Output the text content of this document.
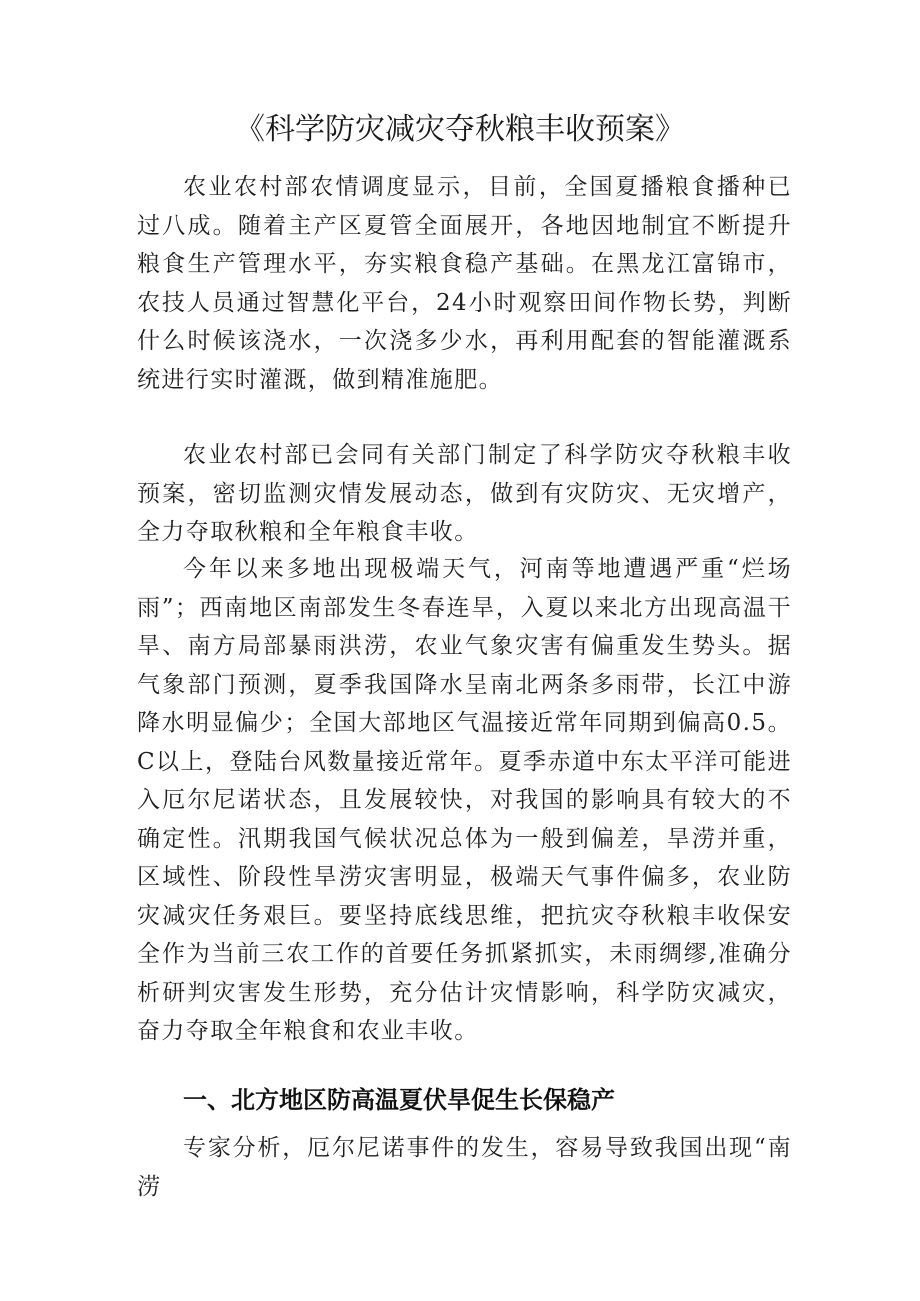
《科学防灾减灾夺秋粮丰收预案》

农业农村部农情调度显示，目前，全国夏播粮食播种已过八成。随着主产区夏管全面展开，各地因地制宜不断提升粮食生产管理水平，夯实粮食稳产基础。在黑龙江富锦市，农技人员通过智慧化平台，24小时观察田间作物长势，判断什么时候该浇水，一次浇多少水，再利用配套的智能灌溉系统进行实时灌溉，做到精准施肥。

农业农村部已会同有关部门制定了科学防灾夺秋粮丰收预案，密切监测灾情发展动态，做到有灾防灾、无灾增产，全力夺取秋粮和全年粮食丰收。

今年以来多地出现极端天气，河南等地遭遇严重“烂场雨”；西南地区南部发生冬春连旱，入夏以来北方出现高温干旱、南方局部暴雨洪涝，农业气象灾害有偏重发生势头。据气象部门预测，夏季我国降水呈南北两条多雨带，长江中游降水明显偏少；全国大部地区气温接近常年同期到偏高0.5。C以上，登陆台风数量接近常年。夏季赤道中东太平洋可能进入厄尔尼诺状态，且发展较快，对我国的影响具有较大的不确定性。汛期我国气候状况总体为一般到偏差，旱涝并重，区域性、阶段性旱涝灾害明显，极端天气事件偏多，农业防灾减灾任务艰巨。要坚持底线思维，把抗灾夺秋粮丰收保安全作为当前三农工作的首要任务抓紧抓实，未雨绸缪,准确分析研判灾害发生形势，充分估计灾情影响，科学防灾减灾，奋力夺取全年粮食和农业丰收。

一、北方地区防高温夏伏旱促生长保稳产

专家分析，厄尔尼诺事件的发生，容易导致我国出现“南涝
